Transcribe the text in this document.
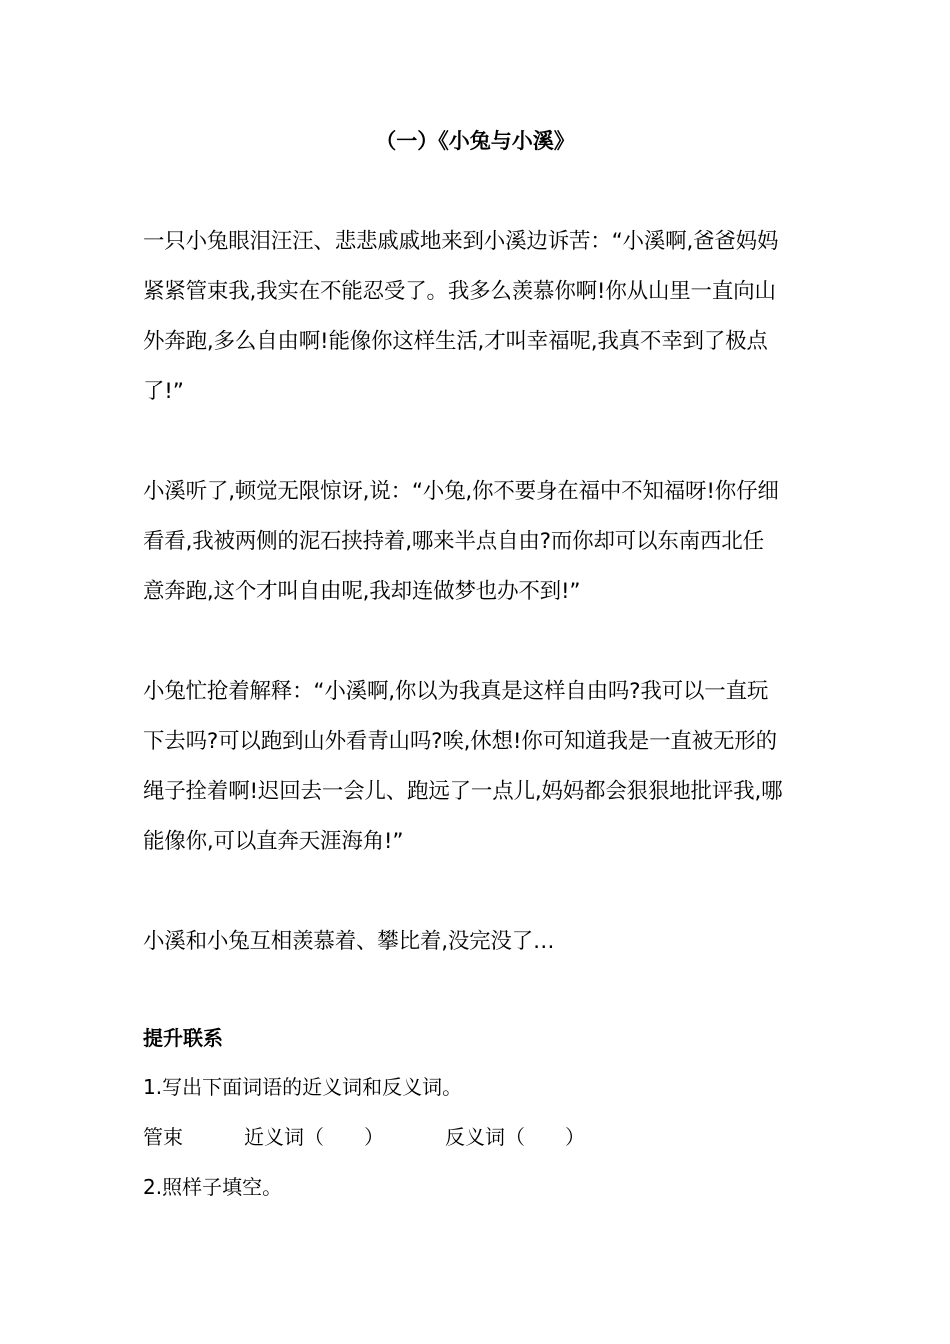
（一）《小兔与小溪》
一只小兔眼泪汪汪、悲悲戚戚地来到小溪边诉苦：“小溪啊,爸爸妈妈
紧紧管束我,我实在不能忍受了。我多么羡慕你啊!你从山里一直向山
外奔跑,多么自由啊!能像你这样生活,才叫幸福呢,我真不幸到了极点
了!”
小溪听了,顿觉无限惊讶,说：“小兔,你不要身在福中不知福呀!你仔细
看看,我被两侧的泥石挟持着,哪来半点自由?而你却可以东南西北任
意奔跑,这个才叫自由呢,我却连做梦也办不到!”
小兔忙抢着解释：“小溪啊,你以为我真是这样自由吗?我可以一直玩
下去吗?可以跑到山外看青山吗?唉,休想!你可知道我是一直被无形的
绳子拴着啊!迟回去一会儿、跑远了一点儿,妈妈都会狠狠地批评我,哪
能像你,可以直奔天涯海角!”
小溪和小兔互相羡慕着、攀比着,没完没了…
提升联系
1.写出下面词语的近义词和反义词。
管束	近义词（　　）	反义词（　　）
2.照样子填空。
